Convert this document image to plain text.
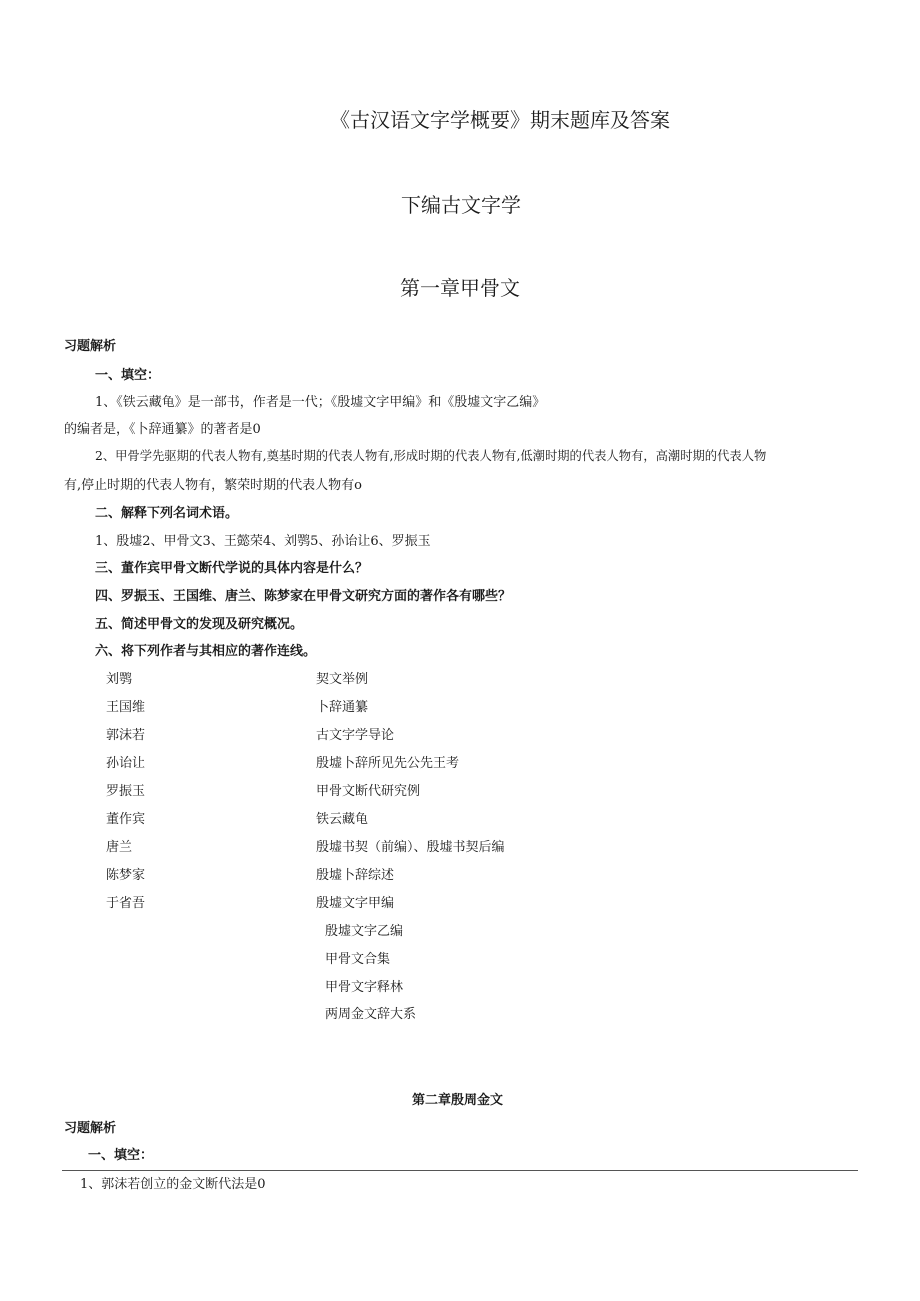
《古汉语文字学概要》期末题库及答案
下编古文字学
第一章甲骨文
习题解析
一、填空：
1、《铁云藏龟》是一部书，作者是一代；《殷墟文字甲编》和《殷墟文字乙编》
的编者是，《卜辞通纂》的著者是0
2、甲骨学先驱期的代表人物有,奠基时期的代表人物有,形成时期的代表人物有,低潮时期的代表人物有，高潮时期的代表人物
有,停止时期的代表人物有，繁荣时期的代表人物有o
二、解释下列名词术语。
1、殷墟2、甲骨文3、王懿荣4、刘鹗5、孙诒让6、罗振玉
三、董作宾甲骨文断代学说的具体内容是什么？
四、罗振玉、王国维、唐兰、陈梦家在甲骨文研究方面的著作各有哪些？
五、简述甲骨文的发现及研究概况。
六、将下列作者与其相应的著作连线。
刘鹗
王国维
郭沫若
孙诒让
罗振玉
董作宾
唐兰
陈梦家
于省吾
契文举例
卜辞通纂
古文字学导论
殷墟卜辞所见先公先王考
甲骨文断代研究例
铁云藏龟
殷墟书契（前编）、殷墟书契后编
殷墟卜辞综述
殷墟文字甲编
殷墟文字乙编
甲骨文合集
甲骨文字释林
两周金文辞大系
第二章殷周金文
习题解析
一、填空：
1、郭沫若创立的金文断代法是0
